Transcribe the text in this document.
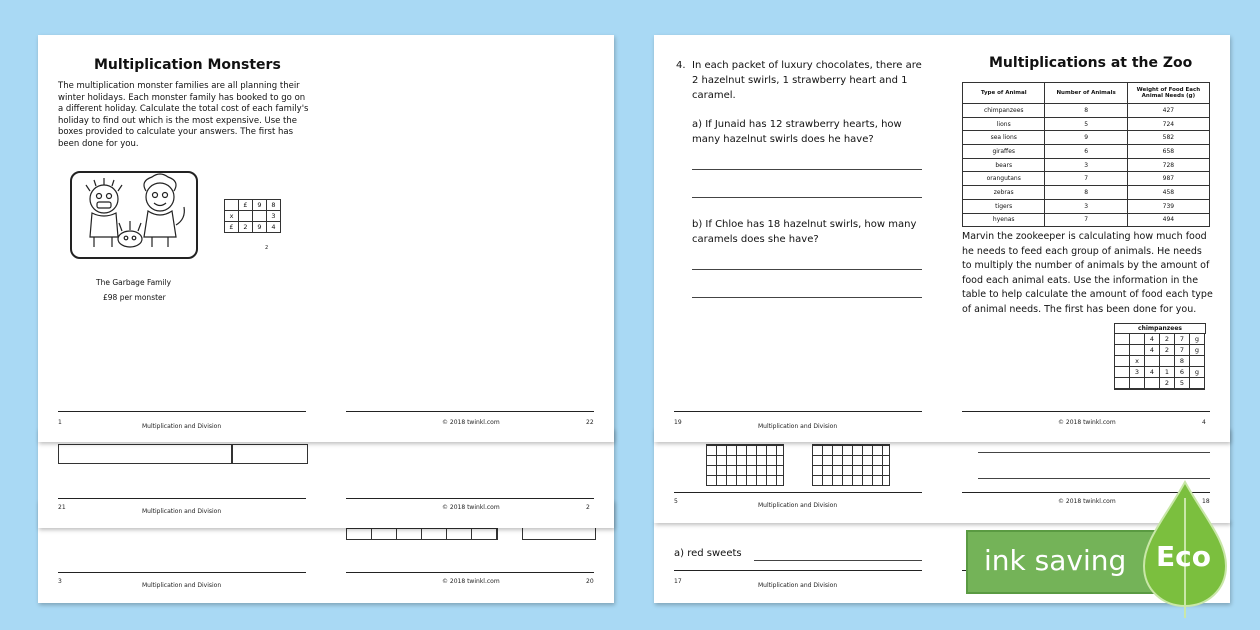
3
Multiplication and Division
© 2018 twinkl.com	20
21
Multiplication and Division
© 2018 twinkl.com	2
Multiplication Monsters
The multiplication monster families are all planning their winter holidays. Each monster family has booked to go on a different holiday. Calculate the total cost of each family's holiday to find out which is the most expensive. Use the boxes provided to calculate your answers. The first has been done for you.
	£	9	8
x			3
£	2	9	4
2
The Garbage Family
£98 per monster
1
Multiplication and Division
© 2018 twinkl.com	22
a) red sweets
17
Multiplication and Division
5
Multiplication and Division
© 2018 twinkl.com	18
4. In each packet of luxury chocolates, there are 2 hazelnut swirls, 1 strawberry heart and 1 caramel.
a) If Junaid has 12 strawberry hearts, how many hazelnut swirls does he have?
b) If Chloe has 18 hazelnut swirls, how many caramels does she have?
Multiplications at the Zoo
Type of Animal	Number of Animals	Weight of Food Each Animal Needs (g)
chimpanzees	8	427
lions	5	724
sea lions	9	582
giraffes	6	658
bears	3	728
orangutans	7	987
zebras	8	458
tigers	3	739
hyenas	7	494
Marvin the zookeeper is calculating how much food he needs to feed each group of animals. He needs to multiply the number of animals by the amount of food each animal eats. Use the information in the table to help calculate the amount of food each type of animal needs. The first has been done for you.
chimpanzees
		4	2	7	g
		4	2	7	g
	x			8	
	3	4	1	6	g
			2	5	

19
Multiplication and Division
© 2018 twinkl.com	4
ink saving Eco
